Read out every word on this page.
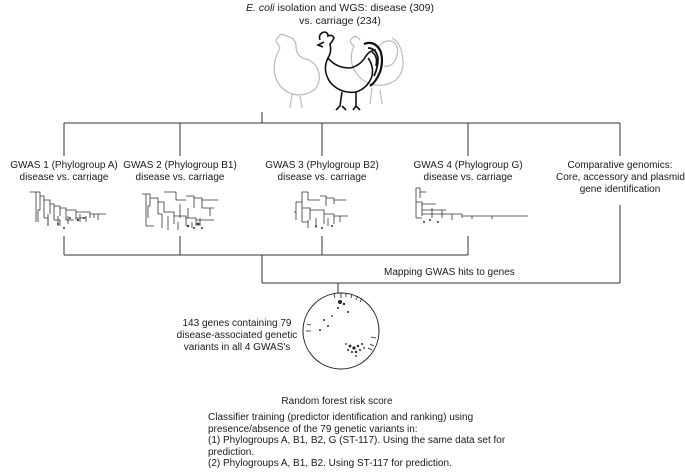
E. coli isolation and WGS: disease (309)
vs. carriage (234)
GWAS 1 (Phylogroup A)
disease vs. carriage
GWAS 2 (Phylogroup B1)
disease vs. carriage
GWAS 3 (Phylogroup B2)
disease vs. carriage
GWAS 4 (Phylogroup G)
disease vs. carriage
Comparative genomics:
Core, accessory and plasmid
gene identification
Mapping GWAS hits to genes
143 genes containing 79
disease-associated genetic
variants in all 4 GWAS's
Random forest risk score
Classifier training (predictor identification and ranking) using
presence/absence of the 79 genetic variants in:
(1) Phylogroups A, B1, B2, G (ST-117). Using the same data set for
prediction.
(2) Phylogroups A, B1, B2. Using ST-117 for prediction.
